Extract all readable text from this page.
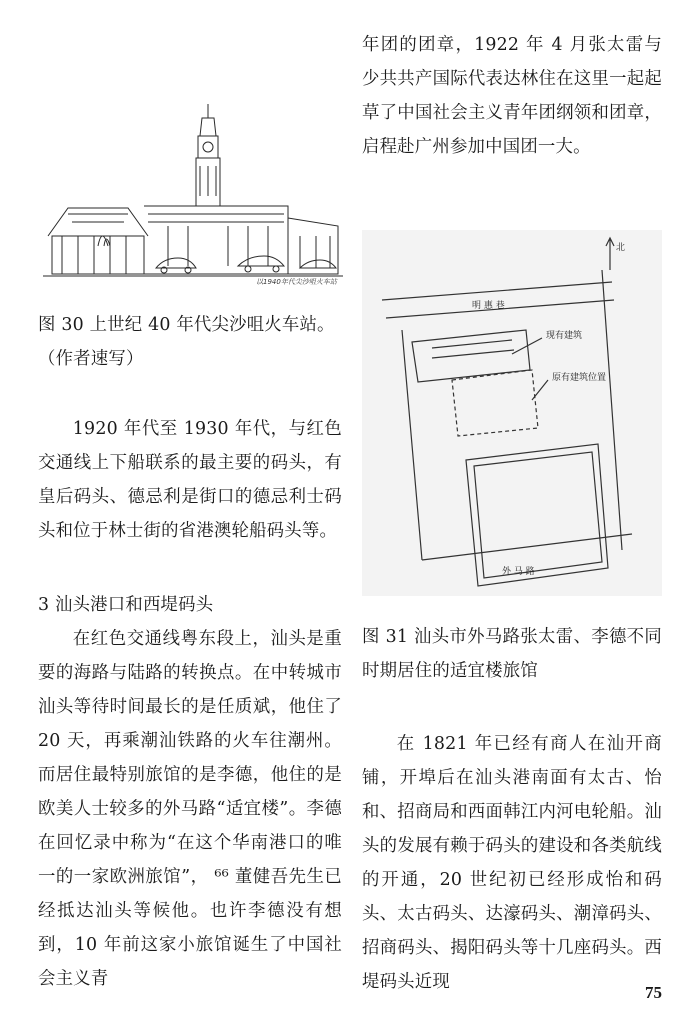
以1940年代尖沙咀火车站

图 30 上世纪 40 年代尖沙咀火车站。

（作者速写）

1920 年代至 1930 年代，与红色交通线上下船联系的最主要的码头，有皇后码头、德忌利是街口的德忌利士码头和位于林士街的省港澳轮船码头等。

3 汕头港口和西堤码头

在红色交通线粤东段上，汕头是重要的海路与陆路的转换点。在中转城市汕头等待时间最长的是任质斌，他住了 20 天，再乘潮汕铁路的火车往潮州。而居住最特别旅馆的是李德，他住的是欧美人士较多的外马路“适宜楼”。李德在回忆录中称为“在这个华南港口的唯一的一家欧洲旅馆”， ⁶⁶ 董健吾先生已经抵达汕头等候他。也许李德没有想到，10 年前这家小旅馆诞生了中国社会主义青

年团的团章，1922 年 4 月张太雷与少共共产国际代表达林住在这里一起起草了中国社会主义青年团纲领和团章，启程赴广州参加中国团一大。

北
明 惠 巷
现有建筑
原有建筑位置
外 马 路

图 31 汕头市外马路张太雷、李德不同时期居住的适宜楼旅馆

在 1821 年已经有商人在汕开商铺，开埠后在汕头港南面有太古、怡和、招商局和西面韩江内河电轮船。汕头的发展有赖于码头的建设和各类航线的开通，20 世纪初已经形成怡和码头、太古码头、达濠码头、潮漳码头、招商码头、揭阳码头等十几座码头。西堤码头近现

75
